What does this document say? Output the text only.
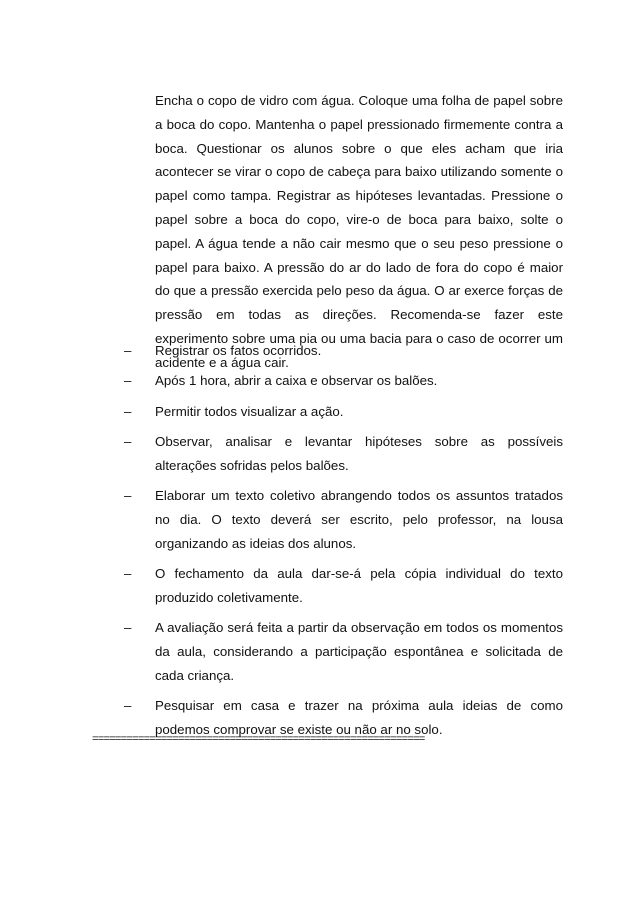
Encha o copo de vidro com água. Coloque uma folha de papel sobre a boca do copo. Mantenha o papel pressionado firmemente contra a boca. Questionar os alunos sobre o que eles acham que iria acontecer se virar o copo de cabeça para baixo utilizando somente o papel como tampa. Registrar as hipóteses levantadas. Pressione o papel sobre a boca do copo, vire-o de boca para baixo, solte o papel. A água tende a não cair mesmo que o seu peso pressione o papel para baixo. A pressão do ar do lado de fora do copo é maior do que a pressão exercida pelo peso da água. O ar exerce forças de pressão em todas as direções. Recomenda-se fazer este experimento sobre uma pia ou uma bacia para o caso de ocorrer um acidente e a água cair.

– Registrar os fatos ocorridos.
– Após 1 hora, abrir a caixa e observar os balões.
– Permitir todos visualizar a ação.
– Observar, analisar e levantar hipóteses sobre as possíveis alterações sofridas pelos balões.
– Elaborar um texto coletivo abrangendo todos os assuntos tratados no dia. O texto deverá ser escrito, pelo professor, na lousa organizando as ideias dos alunos.
– O fechamento da aula dar-se-á pela cópia individual do texto produzido coletivamente.
– A avaliação será feita a partir da observação em todos os momentos da aula, considerando a participação espontânea e solicitada de cada criança.
– Pesquisar em casa e trazer na próxima aula ideias de como podemos comprovar se existe ou não ar no solo.
==========================================================
